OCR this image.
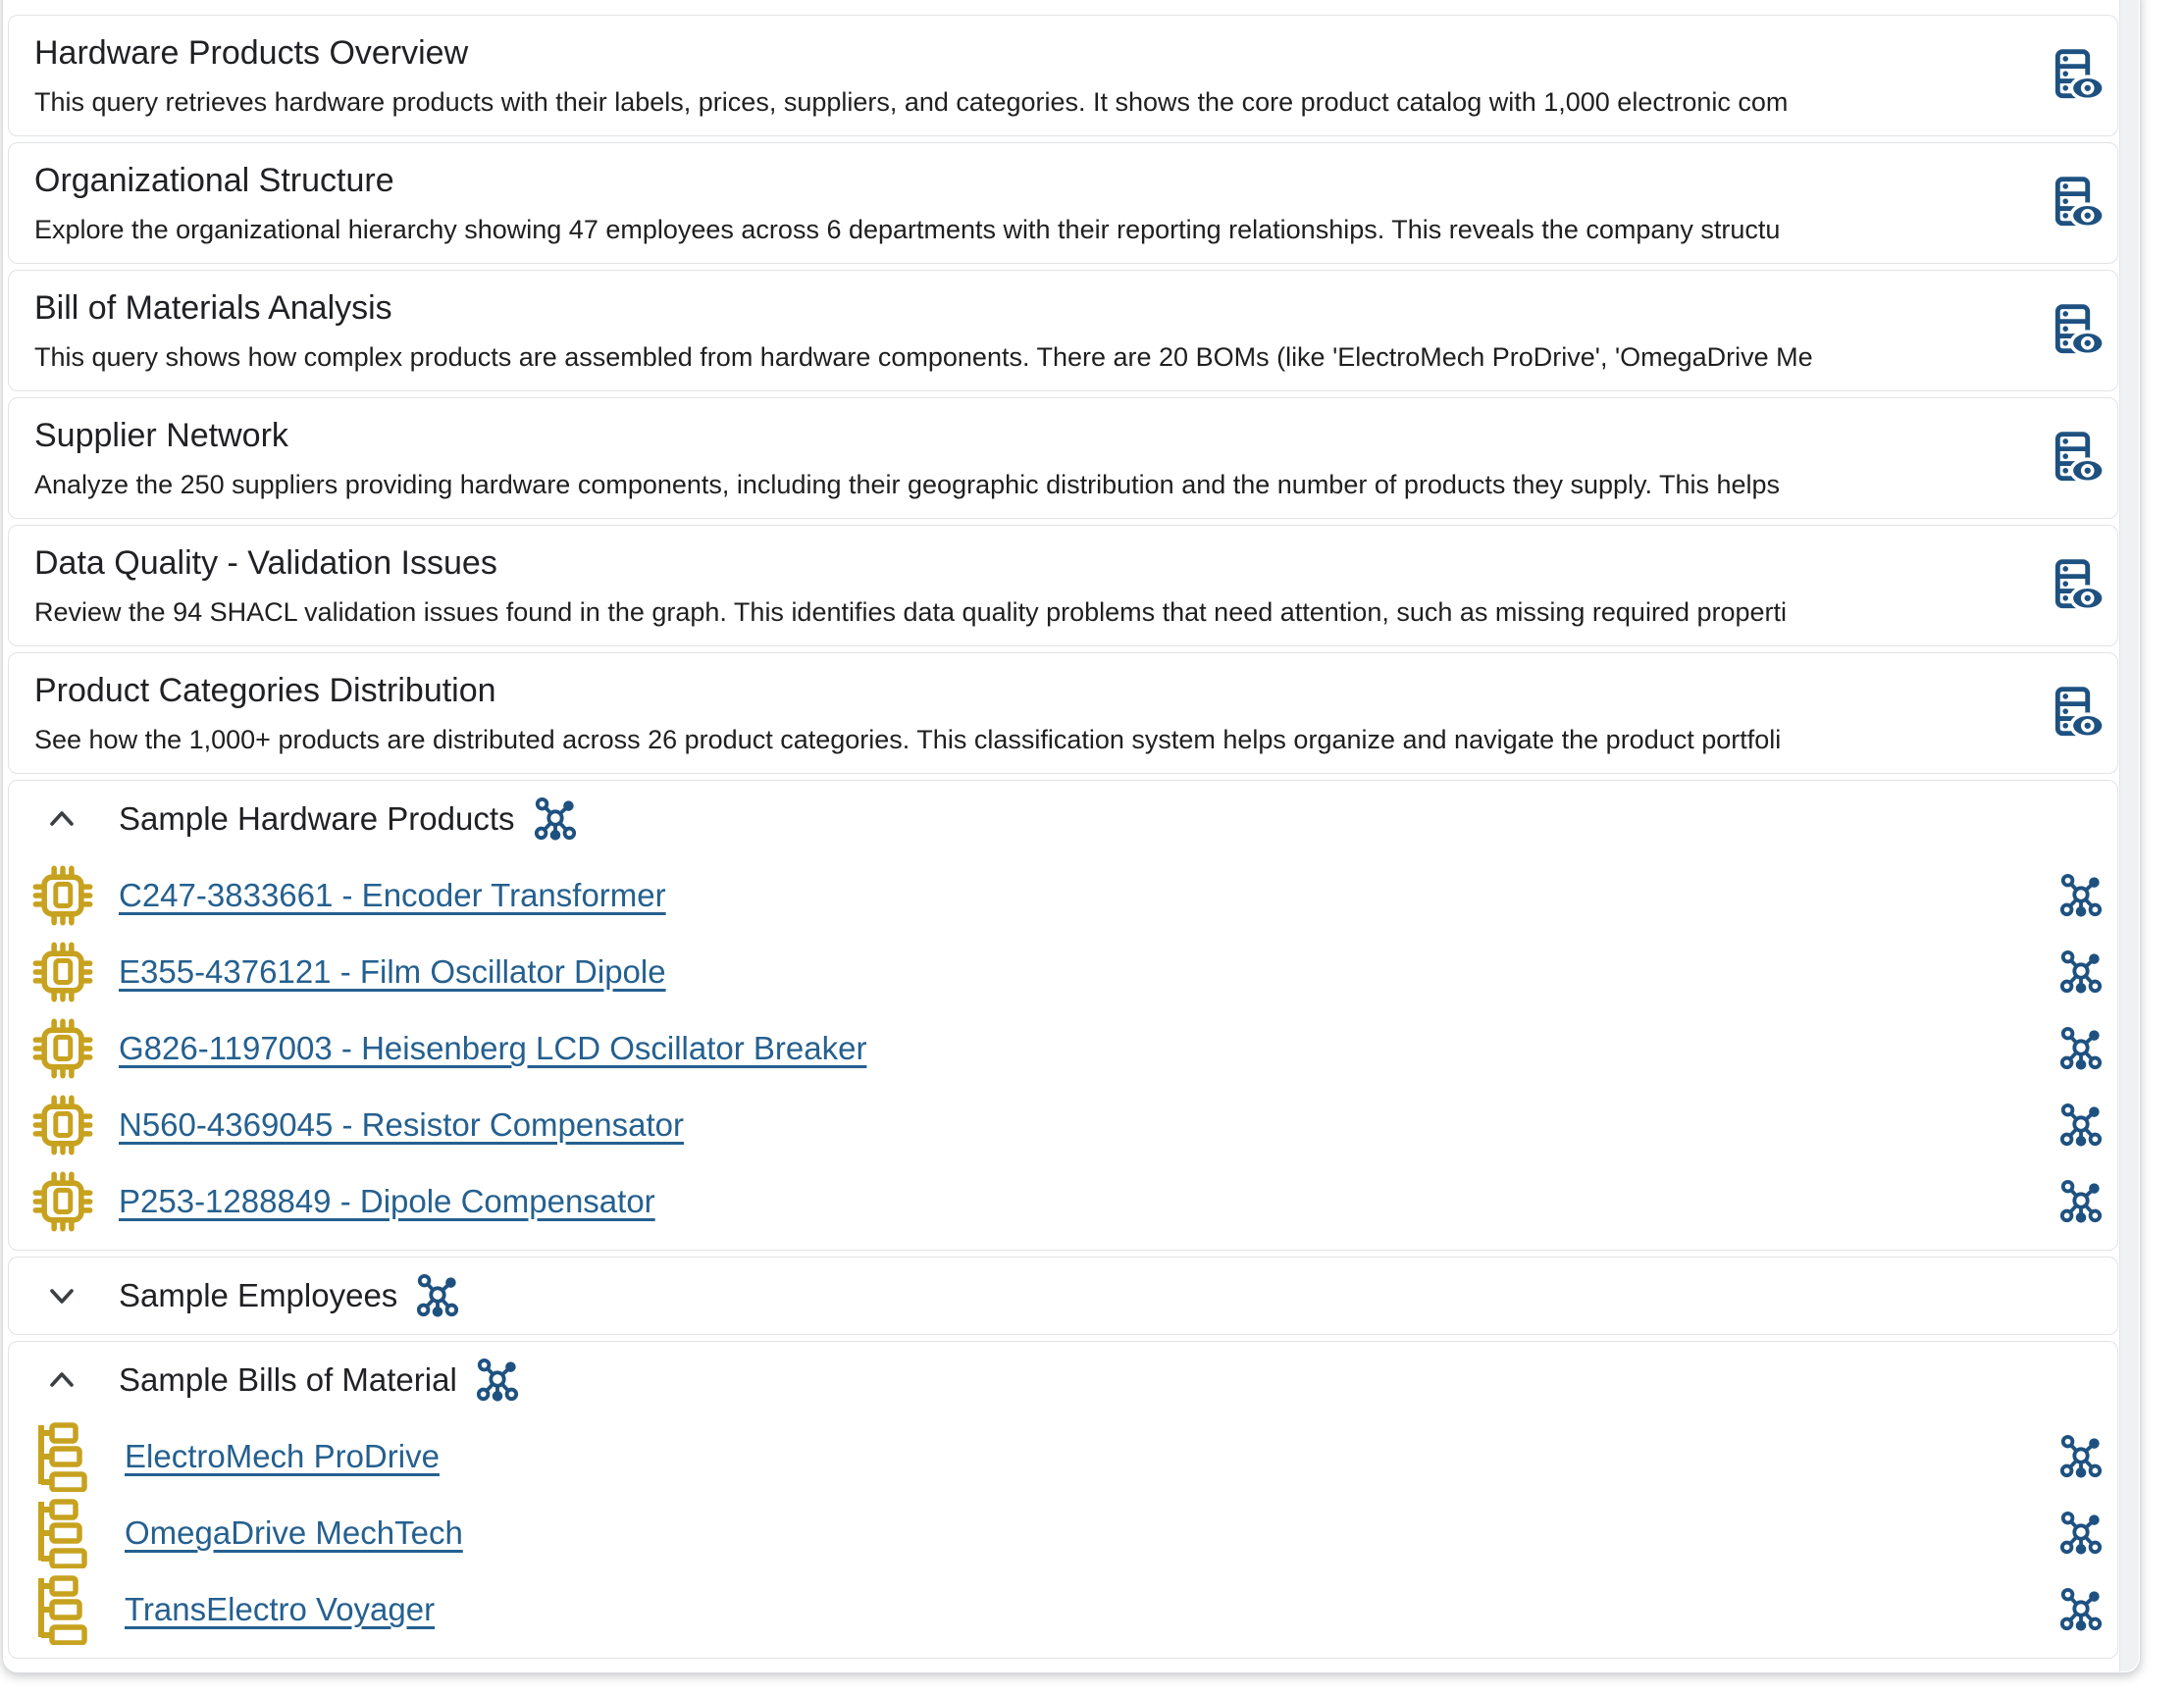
Hardware Products Overview
This query retrieves hardware products with their labels, prices, suppliers, and categories. It shows the core product catalog with 1,000 electronic com
Organizational Structure
Explore the organizational hierarchy showing 47 employees across 6 departments with their reporting relationships. This reveals the company structu
Bill of Materials Analysis
This query shows how complex products are assembled from hardware components. There are 20 BOMs (like 'ElectroMech ProDrive', 'OmegaDrive Me
Supplier Network
Analyze the 250 suppliers providing hardware components, including their geographic distribution and the number of products they supply. This helps
Data Quality - Validation Issues
Review the 94 SHACL validation issues found in the graph. This identifies data quality problems that need attention, such as missing required properti
Product Categories Distribution
See how the 1,000+ products are distributed across 26 product categories. This classification system helps organize and navigate the product portfoli
Sample Hardware Products
C247-3833661 - Encoder Transformer
E355-4376121 - Film Oscillator Dipole
G826-1197003 - Heisenberg LCD Oscillator Breaker
N560-4369045 - Resistor Compensator
P253-1288849 - Dipole Compensator
Sample Employees
Sample Bills of Material
ElectroMech ProDrive
OmegaDrive MechTech
TransElectro Voyager
